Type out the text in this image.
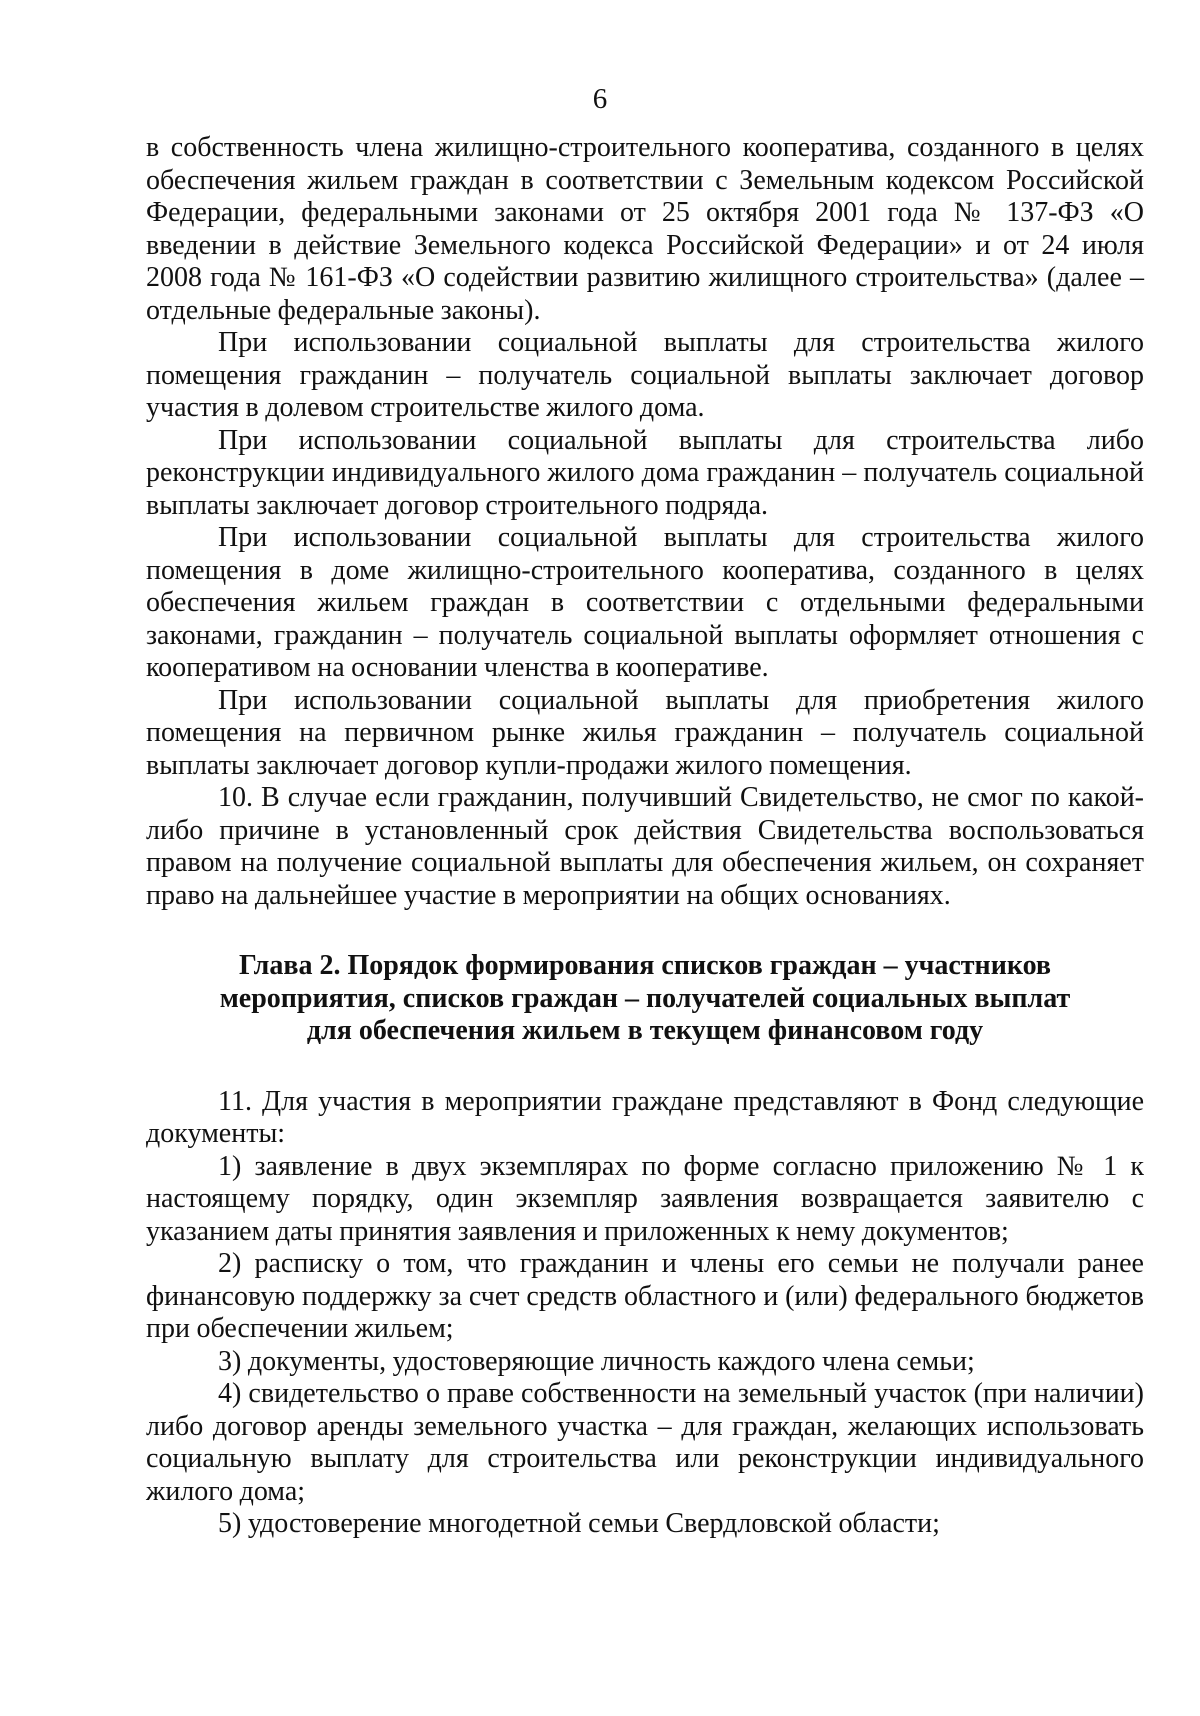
6

в собственность члена жилищно-строительного кооператива, созданного в целях обеспечения жильем граждан в соответствии с Земельным кодексом Российской Федерации, федеральными законами от 25 октября 2001 года № 137-ФЗ «О введении в действие Земельного кодекса Российской Федерации» и от 24 июля 2008 года № 161-ФЗ «О содействии развитию жилищного строительства» (далее – отдельные федеральные законы).

При использовании социальной выплаты для строительства жилого помещения гражданин – получатель социальной выплаты заключает договор участия в долевом строительстве жилого дома.

При использовании социальной выплаты для строительства либо реконструкции индивидуального жилого дома гражданин – получатель социальной выплаты заключает договор строительного подряда.

При использовании социальной выплаты для строительства жилого помещения в доме жилищно-строительного кооператива, созданного в целях обеспечения жильем граждан в соответствии с отдельными федеральными законами, гражданин – получатель социальной выплаты оформляет отношения с кооперативом на основании членства в кооперативе.

При использовании социальной выплаты для приобретения жилого помещения на первичном рынке жилья гражданин – получатель социальной выплаты заключает договор купли-продажи жилого помещения.

10. В случае если гражданин, получивший Свидетельство, не смог по какой-либо причине в установленный срок действия Свидетельства воспользоваться правом на получение социальной выплаты для обеспечения жильем, он сохраняет право на дальнейшее участие в мероприятии на общих основаниях.

Глава 2. Порядок формирования списков граждан – участников
мероприятия, списков граждан – получателей социальных выплат
для обеспечения жильем в текущем финансовом году

11. Для участия в мероприятии граждане представляют в Фонд следующие документы:

1) заявление в двух экземплярах по форме согласно приложению № 1 к настоящему порядку, один экземпляр заявления возвращается заявителю с указанием даты принятия заявления и приложенных к нему документов;

2) расписку о том, что гражданин и члены его семьи не получали ранее финансовую поддержку за счет средств областного и (или) федерального бюджетов при обеспечении жильем;

3) документы, удостоверяющие личность каждого члена семьи;

4) свидетельство о праве собственности на земельный участок (при наличии) либо договор аренды земельного участка – для граждан, желающих использовать социальную выплату для строительства или реконструкции индивидуального жилого дома;

5) удостоверение многодетной семьи Свердловской области;
